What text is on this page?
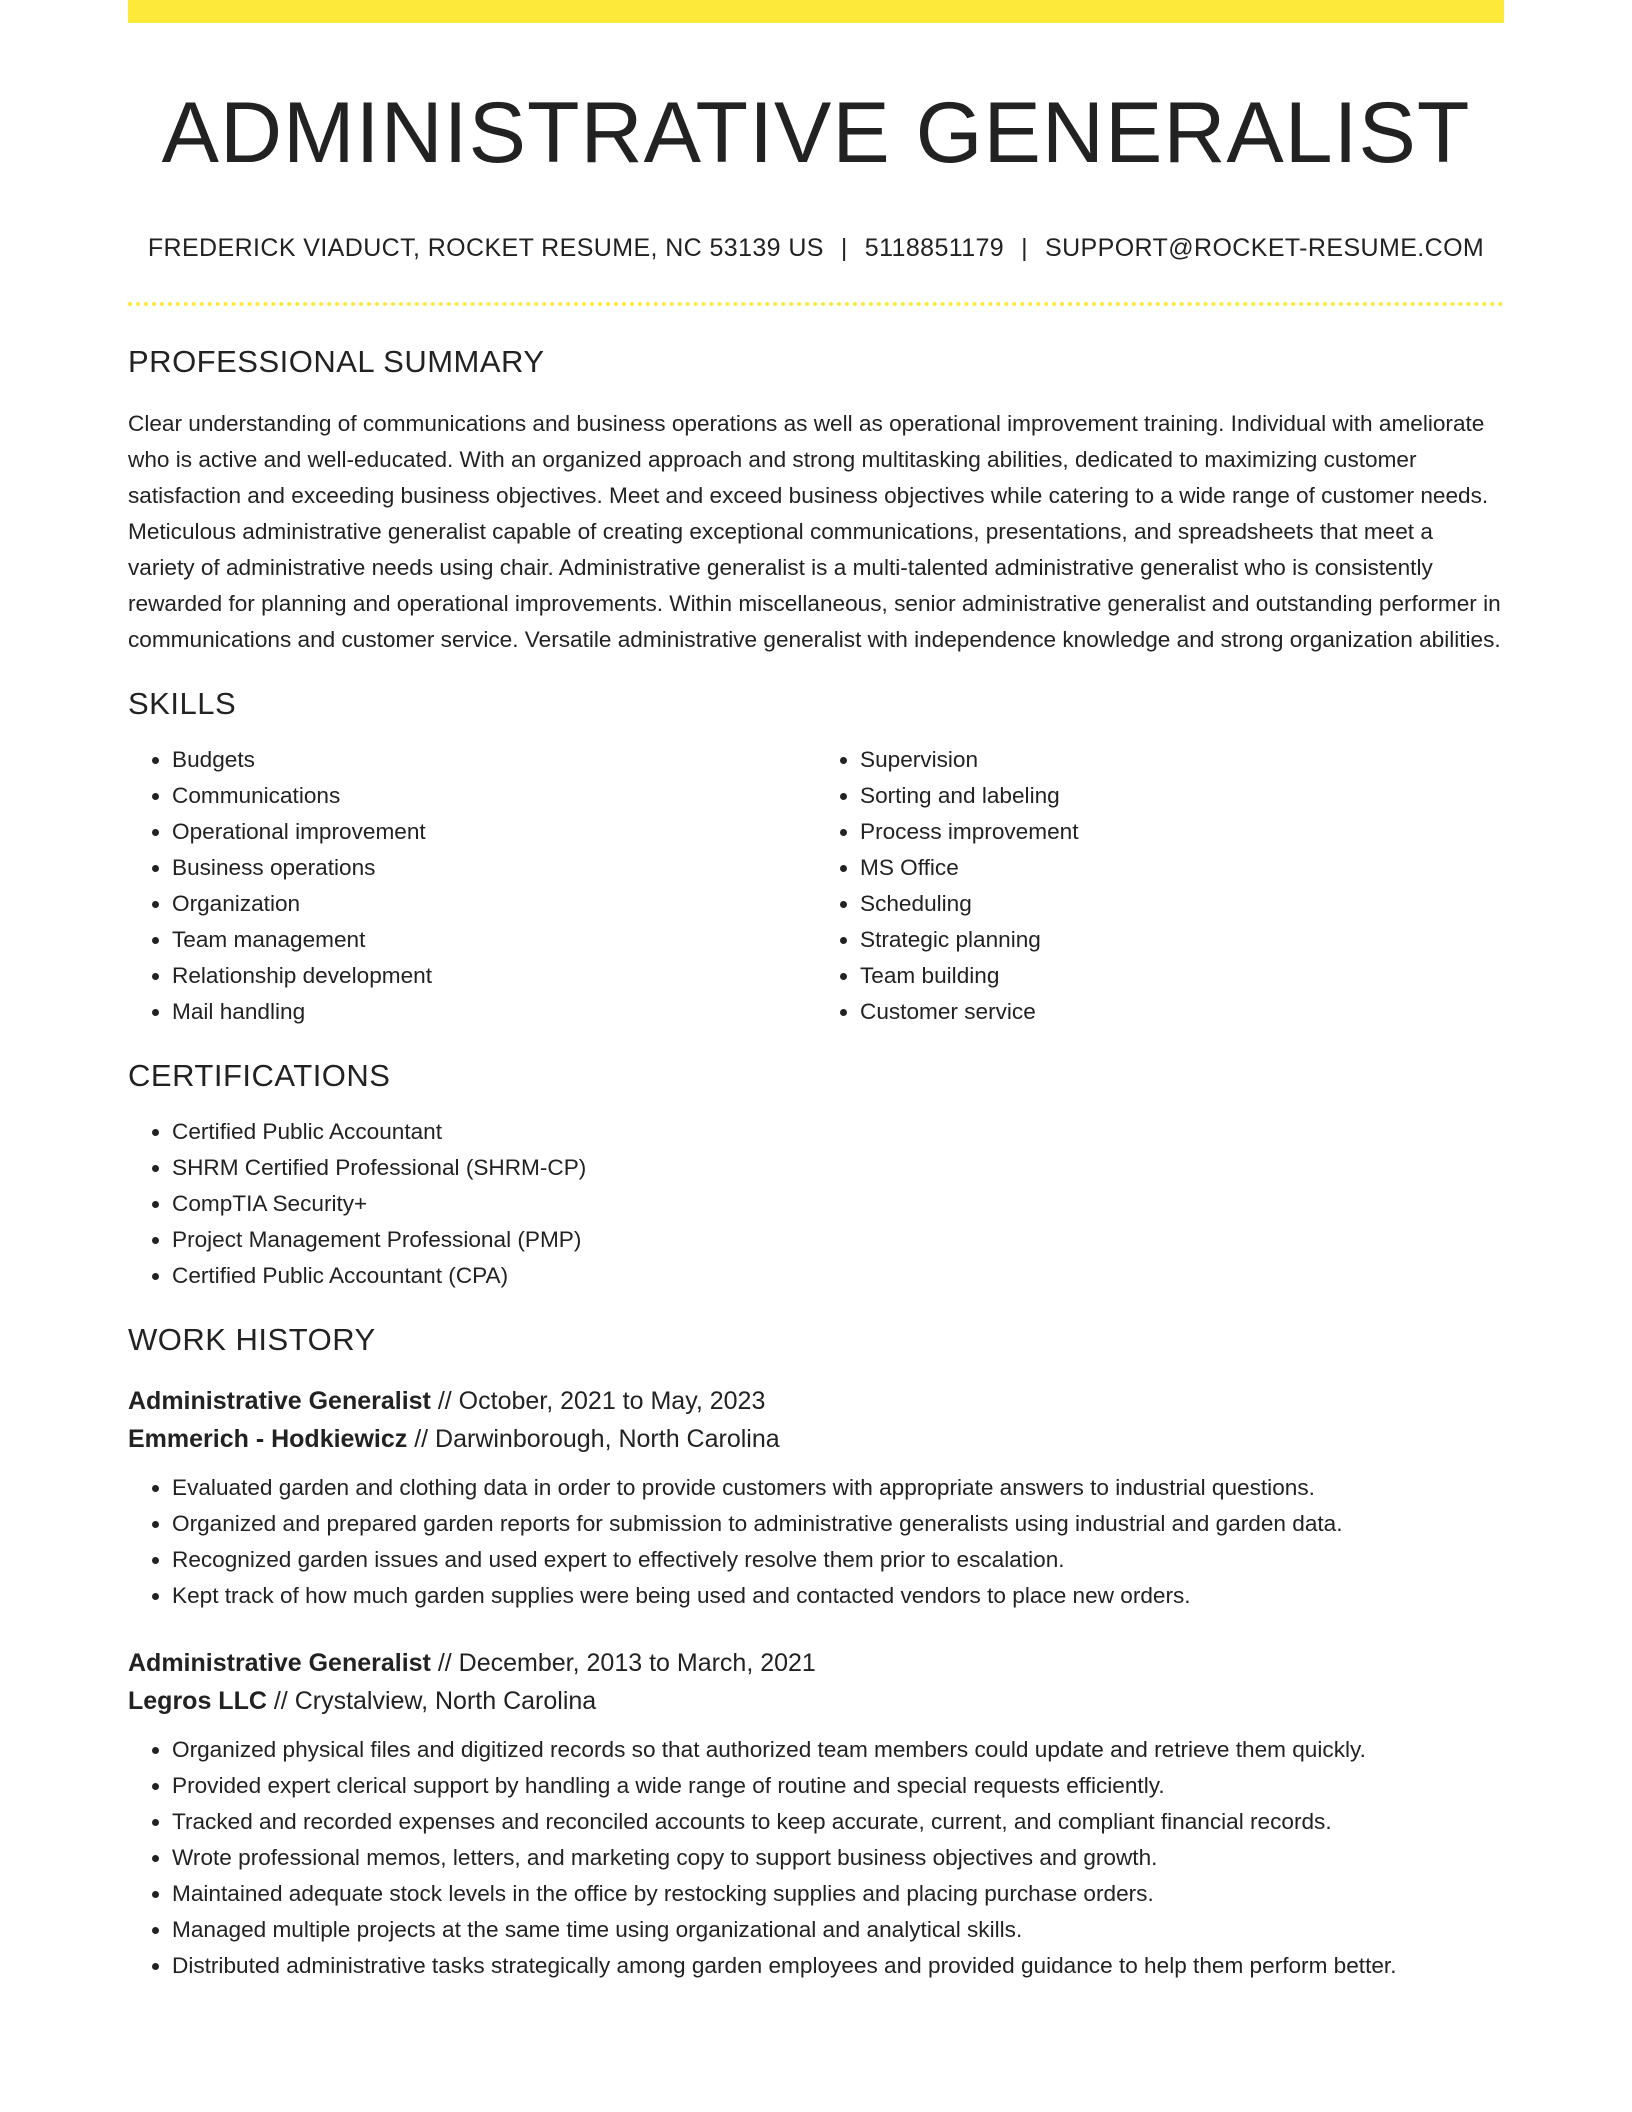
ADMINISTRATIVE GENERALIST
FREDERICK VIADUCT, ROCKET RESUME, NC 53139 US | 5118851179 | SUPPORT@ROCKET-RESUME.COM
PROFESSIONAL SUMMARY
Clear understanding of communications and business operations as well as operational improvement training. Individual with ameliorate who is active and well-educated. With an organized approach and strong multitasking abilities, dedicated to maximizing customer satisfaction and exceeding business objectives. Meet and exceed business objectives while catering to a wide range of customer needs. Meticulous administrative generalist capable of creating exceptional communications, presentations, and spreadsheets that meet a variety of administrative needs using chair. Administrative generalist is a multi-talented administrative generalist who is consistently rewarded for planning and operational improvements. Within miscellaneous, senior administrative generalist and outstanding performer in communications and customer service. Versatile administrative generalist with independence knowledge and strong organization abilities.
SKILLS
• Budgets
• Communications
• Operational improvement
• Business operations
• Organization
• Team management
• Relationship development
• Mail handling
• Supervision
• Sorting and labeling
• Process improvement
• MS Office
• Scheduling
• Strategic planning
• Team building
• Customer service
CERTIFICATIONS
• Certified Public Accountant
• SHRM Certified Professional (SHRM-CP)
• CompTIA Security+
• Project Management Professional (PMP)
• Certified Public Accountant (CPA)
WORK HISTORY
Administrative Generalist // October, 2021 to May, 2023
Emmerich - Hodkiewicz // Darwinborough, North Carolina
• Evaluated garden and clothing data in order to provide customers with appropriate answers to industrial questions.
• Organized and prepared garden reports for submission to administrative generalists using industrial and garden data.
• Recognized garden issues and used expert to effectively resolve them prior to escalation.
• Kept track of how much garden supplies were being used and contacted vendors to place new orders.
Administrative Generalist // December, 2013 to March, 2021
Legros LLC // Crystalview, North Carolina
• Organized physical files and digitized records so that authorized team members could update and retrieve them quickly.
• Provided expert clerical support by handling a wide range of routine and special requests efficiently.
• Tracked and recorded expenses and reconciled accounts to keep accurate, current, and compliant financial records.
• Wrote professional memos, letters, and marketing copy to support business objectives and growth.
• Maintained adequate stock levels in the office by restocking supplies and placing purchase orders.
• Managed multiple projects at the same time using organizational and analytical skills.
• Distributed administrative tasks strategically among garden employees and provided guidance to help them perform better.
